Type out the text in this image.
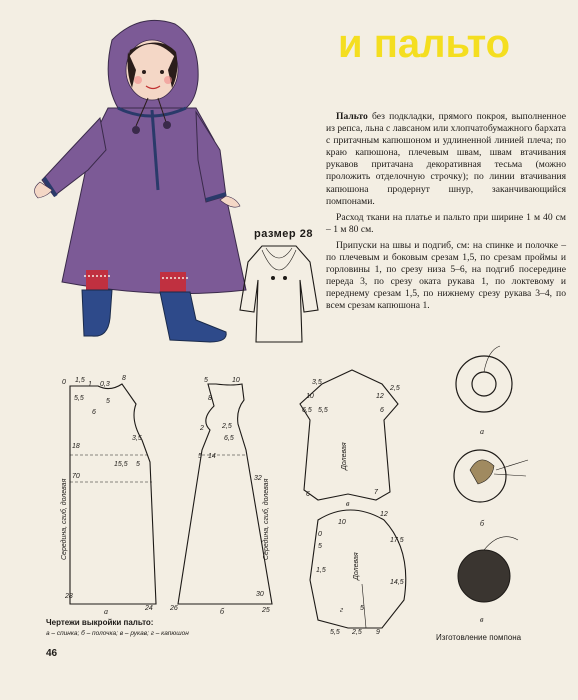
и пальто

Пальто без подкладки, прямого покроя, выполненное из репса, льна с лавсаном или хлопчатобумажного бархата с притачным капюшоном и удлиненной линией плеча; по краю капюшона, плечевым швам, швам втачивания рукавов притачана декоративная тесьма (можно проложить отделочную строчку); по линии втачивания капюшона продернут шнур, заканчивающийся помпонами.

Расход ткани на платье и пальто при ширине 1 м 40 см – 1 м 80 см.

Припуски на швы и подгиб, см: на спинке и полочке – по плечевым и боковым срезам 1,5, по срезам проймы и горловины 1, по срезу низа 5–6, на подгиб посередине переда 3, по срезу оката рукава 1, по локтевому и переднему срезам 1,5, по нижнему срезу рукава 3–4, по всем срезам капюшона 1.

размер 28
0 1,5
1 0,3
8
5,5	5
6
3,5
18
15,5 5
70
28
24
Середина, сгиб, долевая
а
5	10
8
2	2,5
6,5
5 14
32
30
26	25
Середина, сгиб, долевая
б
3,5
10	12
2,5
6,5 5,5	6
7
6
Долевая
в
0
10
12
5
17,5
1,5
14,5
5
5,5	9
2,5
Долевая
г
а
б
в
Чертежи выкройки пальто:
а – спинка; б – полочка; в – рукав; г – капюшон	Изготовление помпона
46
